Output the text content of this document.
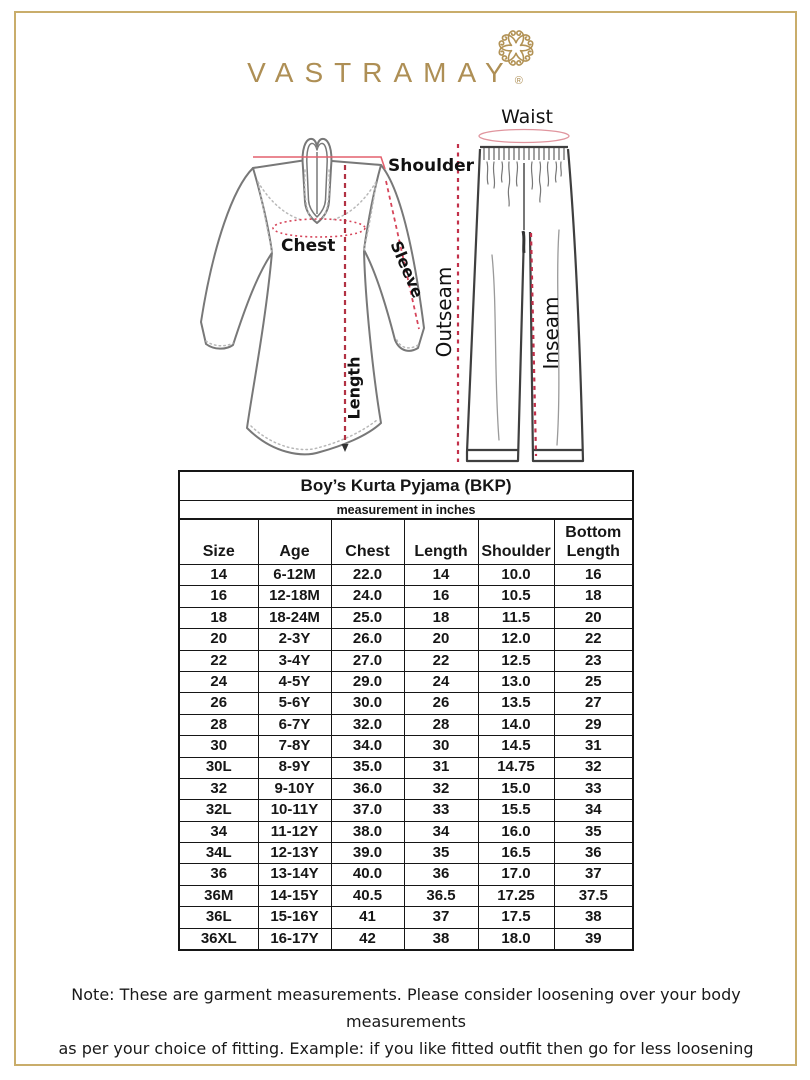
VASTRAMAY®
Shoulder
Chest	Sleeve
Length
Waist
Outseam	Inseam
Boy’s Kurta Pyjama (BKP)					
measurement in inches					
Size	Age	Chest	Length	Shoulder	Bottom Length
14	6-12M	22.0	14	10.0	16
16	12-18M	24.0	16	10.5	18
18	18-24M	25.0	18	11.5	20
20	2-3Y	26.0	20	12.0	22
22	3-4Y	27.0	22	12.5	23
24	4-5Y	29.0	24	13.0	25
26	5-6Y	30.0	26	13.5	27
28	6-7Y	32.0	28	14.0	29
30	7-8Y	34.0	30	14.5	31
30L	8-9Y	35.0	31	14.75	32
32	9-10Y	36.0	32	15.0	33
32L	10-11Y	37.0	33	15.5	34
34	11-12Y	38.0	34	16.0	35
34L	12-13Y	39.0	35	16.5	36
36	13-14Y	40.0	36	17.0	37
36M	14-15Y	40.5	36.5	17.25	37.5
36L	15-16Y	41	37	17.5	38
36XL	16-17Y	42	38	18.0	39
Note: These are garment measurements. Please consider loosening over your body measurements
as per your choice of fitting. Example: if you like fitted outfit then go for less loosening
